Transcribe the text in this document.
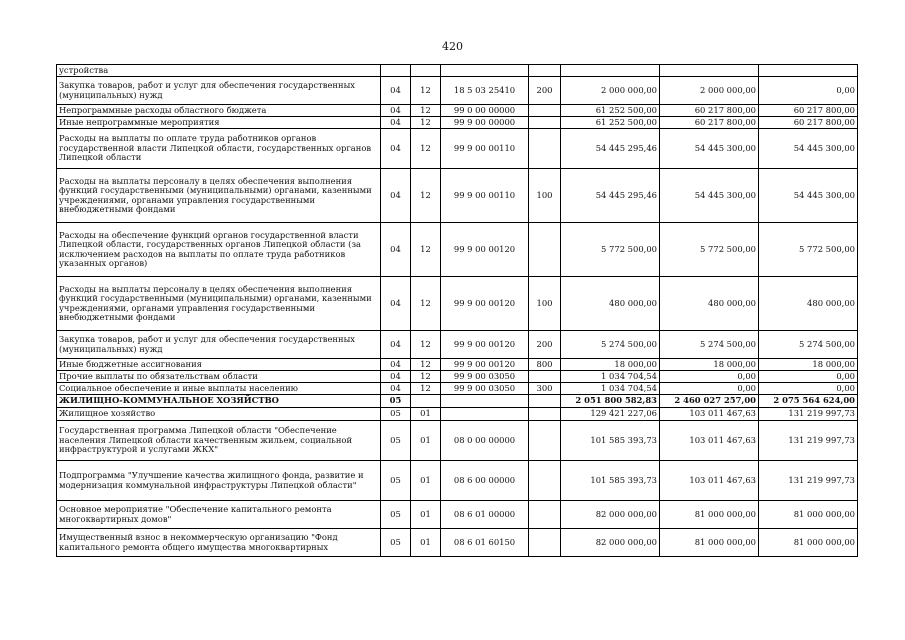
420
устройства							
Закупка товаров, работ и услуг для обеспечения государственных (муниципальных) нужд	04	12	18 5 03 25410	200	2 000 000,00	2 000 000,00	0,00
Непрограммные расходы областного бюджета	04	12	99 0 00 00000		61 252 500,00	60 217 800,00	60 217 800,00
Иные непрограммные мероприятия	04	12	99 9 00 00000		61 252 500,00	60 217 800,00	60 217 800,00
Расходы на выплаты по оплате труда работников органов государственной власти Липецкой области, государственных органов Липецкой области	04	12	99 9 00 00110		54 445 295,46	54 445 300,00	54 445 300,00
Расходы на выплаты персоналу в целях обеспечения выполнения функций государственными (муниципальными) органами, казенными учреждениями, органами управления государственными внебюджетными фондами	04	12	99 9 00 00110	100	54 445 295,46	54 445 300,00	54 445 300,00
Расходы на обеспечение функций органов государственной власти Липецкой области, государственных органов Липецкой области (за исключением расходов на выплаты по оплате труда работников указанных органов)	04	12	99 9 00 00120		5 772 500,00	5 772 500,00	5 772 500,00
Расходы на выплаты персоналу в целях обеспечения выполнения функций государственными (муниципальными) органами, казенными учреждениями, органами управления государственными внебюджетными фондами	04	12	99 9 00 00120	100	480 000,00	480 000,00	480 000,00
Закупка товаров, работ и услуг для обеспечения государственных (муниципальных) нужд	04	12	99 9 00 00120	200	5 274 500,00	5 274 500,00	5 274 500,00
Иные бюджетные ассигнования	04	12	99 9 00 00120	800	18 000,00	18 000,00	18 000,00
Прочие выплаты по обязательствам области	04	12	99 9 00 03050		1 034 704,54	0,00	0,00
Социальное обеспечение и иные выплаты населению	04	12	99 9 00 03050	300	1 034 704,54	0,00	0,00
ЖИЛИЩНО-КОММУНАЛЬНОЕ ХОЗЯЙСТВО	05				2 051 800 582,83	2 460 027 257,00	2 075 564 624,00
Жилищное хозяйство	05	01			129 421 227,06	103 011 467,63	131 219 997,73
Государственная программа Липецкой области "Обеспечение населения Липецкой области качественным жильем, социальной инфраструктурой и услугами ЖКХ"	05	01	08 0 00 00000		101 585 393,73	103 011 467,63	131 219 997,73
Подпрограмма "Улучшение качества жилищного фонда, развитие и модернизация коммунальной инфраструктуры Липецкой области"	05	01	08 6 00 00000		101 585 393,73	103 011 467,63	131 219 997,73
Основное мероприятие "Обеспечение капитального ремонта многоквартирных домов"	05	01	08 6 01 00000		82 000 000,00	81 000 000,00	81 000 000,00
Имущественный взнос в некоммерческую организацию "Фонд капитального ремонта общего имущества многоквартирных	05	01	08 6 01 60150		82 000 000,00	81 000 000,00	81 000 000,00
